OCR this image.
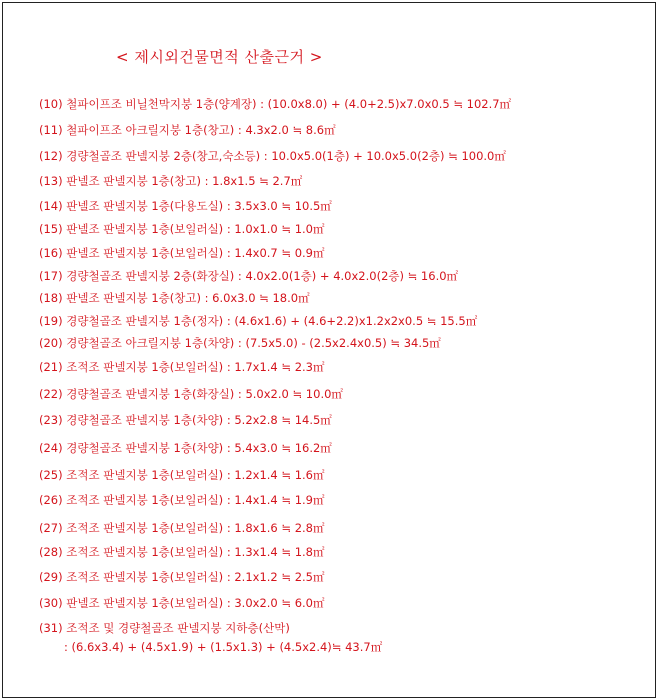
< 제시외건물면적 산출근거 >
(10) 철파이프조 비닐천막지붕 1층(양계장) : (10.0x8.0) + (4.0+2.5)x7.0x0.5 ≒ 102.7㎡
(11) 철파이프조 아크릴지붕 1층(창고) : 4.3x2.0 ≒ 8.6㎡
(12) 경량철골조 판넬지붕 2층(창고,숙소등) : 10.0x5.0(1층) + 10.0x5.0(2층) ≒ 100.0㎡
(13) 판넬조 판넬지붕 1층(창고) : 1.8x1.5 ≒ 2.7㎡
(14) 판넬조 판넬지붕 1층(다용도실) : 3.5x3.0 ≒ 10.5㎡
(15) 판넬조 판넬지붕 1층(보일러실) : 1.0x1.0 ≒ 1.0㎡
(16) 판넬조 판넬지붕 1층(보일러실) : 1.4x0.7 ≒ 0.9㎡
(17) 경량철골조 판넬지붕 2층(화장실) : 4.0x2.0(1층) + 4.0x2.0(2층) ≒ 16.0㎡
(18) 판넬조 판넬지붕 1층(창고) : 6.0x3.0 ≒ 18.0㎡
(19) 경량철골조 판넬지붕 1층(정자) : (4.6x1.6) + (4.6+2.2)x1.2x2x0.5 ≒ 15.5㎡
(20) 경량철골조 아크릴지붕 1층(차양) : (7.5x5.0) - (2.5x2.4x0.5) ≒ 34.5㎡
(21) 조적조 판넬지붕 1층(보일러실) : 1.7x1.4 ≒ 2.3㎡
(22) 경량철골조 판넬지붕 1층(화장실) : 5.0x2.0 ≒ 10.0㎡
(23) 경량철골조 판넬지붕 1층(차양) : 5.2x2.8 ≒ 14.5㎡
(24) 경량철골조 판넬지붕 1층(차양) : 5.4x3.0 ≒ 16.2㎡
(25) 조적조 판넬지붕 1층(보일러실) : 1.2x1.4 ≒ 1.6㎡
(26) 조적조 판넬지붕 1층(보일러실) : 1.4x1.4 ≒ 1.9㎡
(27) 조적조 판넬지붕 1층(보일러실) : 1.8x1.6 ≒ 2.8㎡
(28) 조적조 판넬지붕 1층(보일러실) : 1.3x1.4 ≒ 1.8㎡
(29) 조적조 판넬지붕 1층(보일러실) : 2.1x1.2 ≒ 2.5㎡
(30) 판넬조 판넬지붕 1층(보일러실) : 3.0x2.0 ≒ 6.0㎡
(31) 조적조 및 경량철골조 판넬지붕 지하층(산막)
: (6.6x3.4) + (4.5x1.9) + (1.5x1.3) + (4.5x2.4)≒ 43.7㎡
